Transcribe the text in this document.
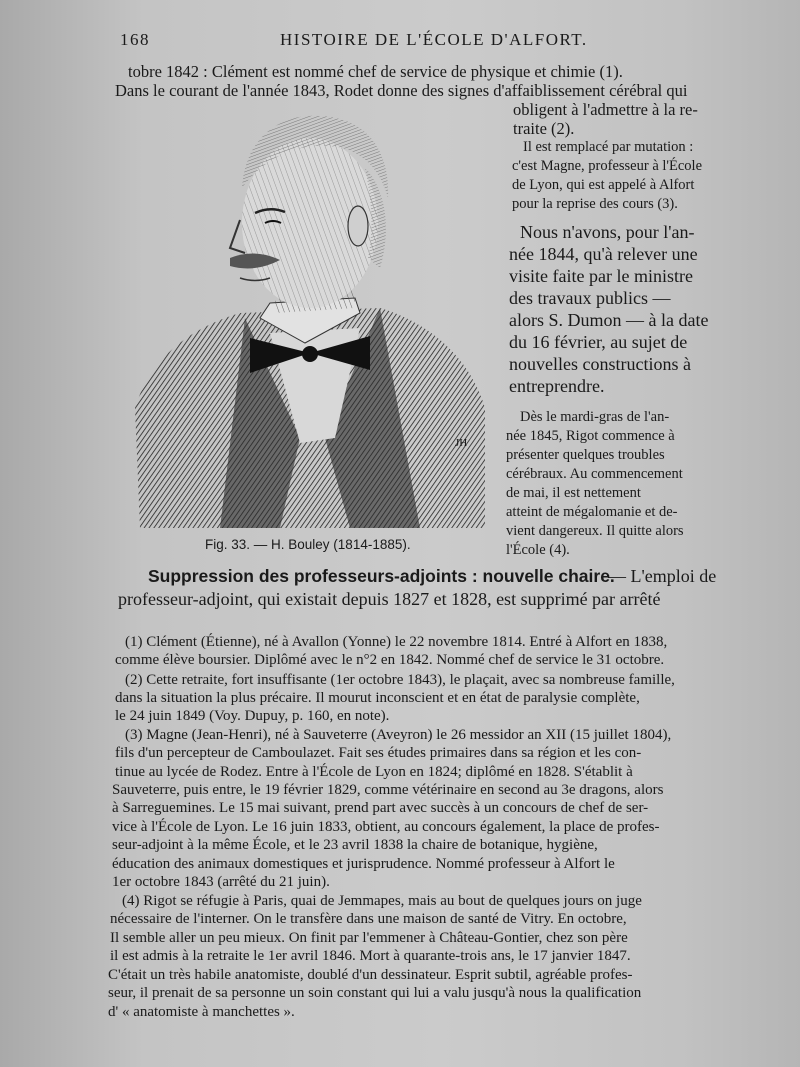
168	HISTOIRE DE L'ÉCOLE D'ALFORT.
tobre 1842 : Clément est nommé chef de service de physique et chimie (1).
Dans le courant de l'année 1843, Rodet donne des signes d'affaiblissement cérébral qui
obligent à l'admettre à la re-
traite (2).
Il est remplacé par mutation :
c'est Magne, professeur à l'École
de Lyon, qui est appelé à Alfort
pour la reprise des cours (3).
JH
Fig. 33. — H. Bouley (1814-1885).
Nous n'avons, pour l'an-
née 1844, qu'à relever une
visite faite par le ministre
des travaux publics —
alors S. Dumon — à la date
du 16 février, au sujet de
nouvelles constructions à
entreprendre.
Dès le mardi-gras de l'an-
née 1845, Rigot commence à
présenter quelques troubles
cérébraux. Au commencement
de mai, il est nettement
atteint de mégalomanie et de-
vient dangereux. Il quitte alors
l'École (4).
Suppression des professeurs-adjoints : nouvelle chaire.
— L'emploi de
professeur-adjoint, qui existait depuis 1827 et 1828, est supprimé par arrêté
(1) Clément (Étienne), né à Avallon (Yonne) le 22 novembre 1814. Entré à Alfort en 1838,
comme élève boursier. Diplômé avec le n°2 en 1842. Nommé chef de service le 31 octobre.
(2) Cette retraite, fort insuffisante (1er octobre 1843), le plaçait, avec sa nombreuse famille,
dans la situation la plus précaire. Il mourut inconscient et en état de paralysie complète,
le 24 juin 1849 (Voy. Dupuy, p. 160, en note).
(3) Magne (Jean-Henri), né à Sauveterre (Aveyron) le 26 messidor an XII (15 juillet 1804),
fils d'un percepteur de Camboulazet. Fait ses études primaires dans sa région et les con-
tinue au lycée de Rodez. Entre à l'École de Lyon en 1824; diplômé en 1828. S'établit à
Sauveterre, puis entre, le 19 février 1829, comme vétérinaire en second au 3e dragons, alors
à Sarreguemines. Le 15 mai suivant, prend part avec succès à un concours de chef de ser-
vice à l'École de Lyon. Le 16 juin 1833, obtient, au concours également, la place de profes-
seur-adjoint à la même École, et le 23 avril 1838 la chaire de botanique, hygiène,
éducation des animaux domestiques et jurisprudence. Nommé professeur à Alfort le
1er octobre 1843 (arrêté du 21 juin).
(4) Rigot se réfugie à Paris, quai de Jemmapes, mais au bout de quelques jours on juge
nécessaire de l'interner. On le transfère dans une maison de santé de Vitry. En octobre,
Il semble aller un peu mieux. On finit par l'emmener à Château-Gontier, chez son père
il est admis à la retraite le 1er avril 1846. Mort à quarante-trois ans, le 17 janvier 1847.
C'était un très habile anatomiste, doublé d'un dessinateur. Esprit subtil, agréable profes-
seur, il prenait de sa personne un soin constant qui lui a valu jusqu'à nous la qualification
d' « anatomiste à manchettes ».
